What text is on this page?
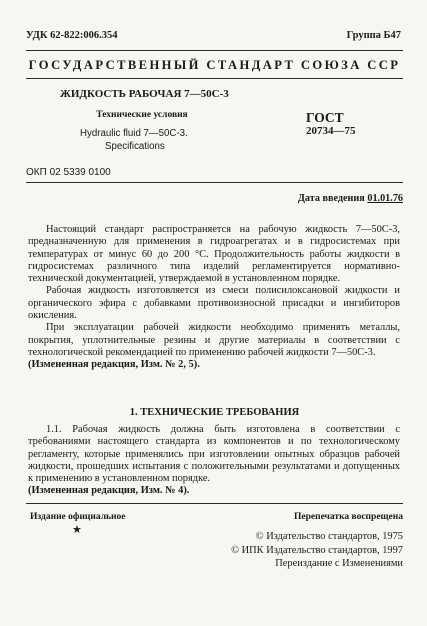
УДК 62-822:006.354	Группа Б47
ГОСУДАРСТВЕННЫЙ СТАНДАРТ СОЮЗА ССР
ЖИДКОСТЬ РАБОЧАЯ 7—50С-3
Технические условия
Hydraulic fluid 7—50C-3.
Specifications
ГОСТ
20734—75
ОКП 02 5339 0100
Дата введения 01.01.76

Настоящий стандарт распространяется на рабочую жидкость 7—50С-3, предназначенную для применения в гидроагрегатах и в гидросистемах при температурах от минус 60 до 200 °С. Продолжительность работы жидкости в гидросистемах различного типа изделий регламентируется нормативно-технической документацией, утверждаемой в установленном порядке.

Рабочая жидкость изготовляется из смеси полисилоксановой жидкости и органического эфира с добавками противоизносной присадки и ингибиторов окисления.

При эксплуатации рабочей жидкости необходимо применять металлы, покрытия, уплотнительные резины и другие материалы в соответствии с технологической рекомендацией по применению рабочей жидкости 7—50С-3.

(Измененная редакция, Изм. № 2, 5).

1. ТЕХНИЧЕСКИЕ ТРЕБОВАНИЯ

1.1. Рабочая жидкость должна быть изготовлена в соответствии с требованиями настоящего стандарта из компонентов и по технологическому регламенту, которые применялись при изготовлении опытных образцов рабочей жидкости, прошедших испытания с положительными результатами и допущенных к применению в установленном порядке.

(Измененная редакция, Изм. № 4).

Издание официальное
★
Перепечатка воспрещена
© Издательство стандартов, 1975
© ИПК Издательство стандартов, 1997
Переиздание с Изменениями
